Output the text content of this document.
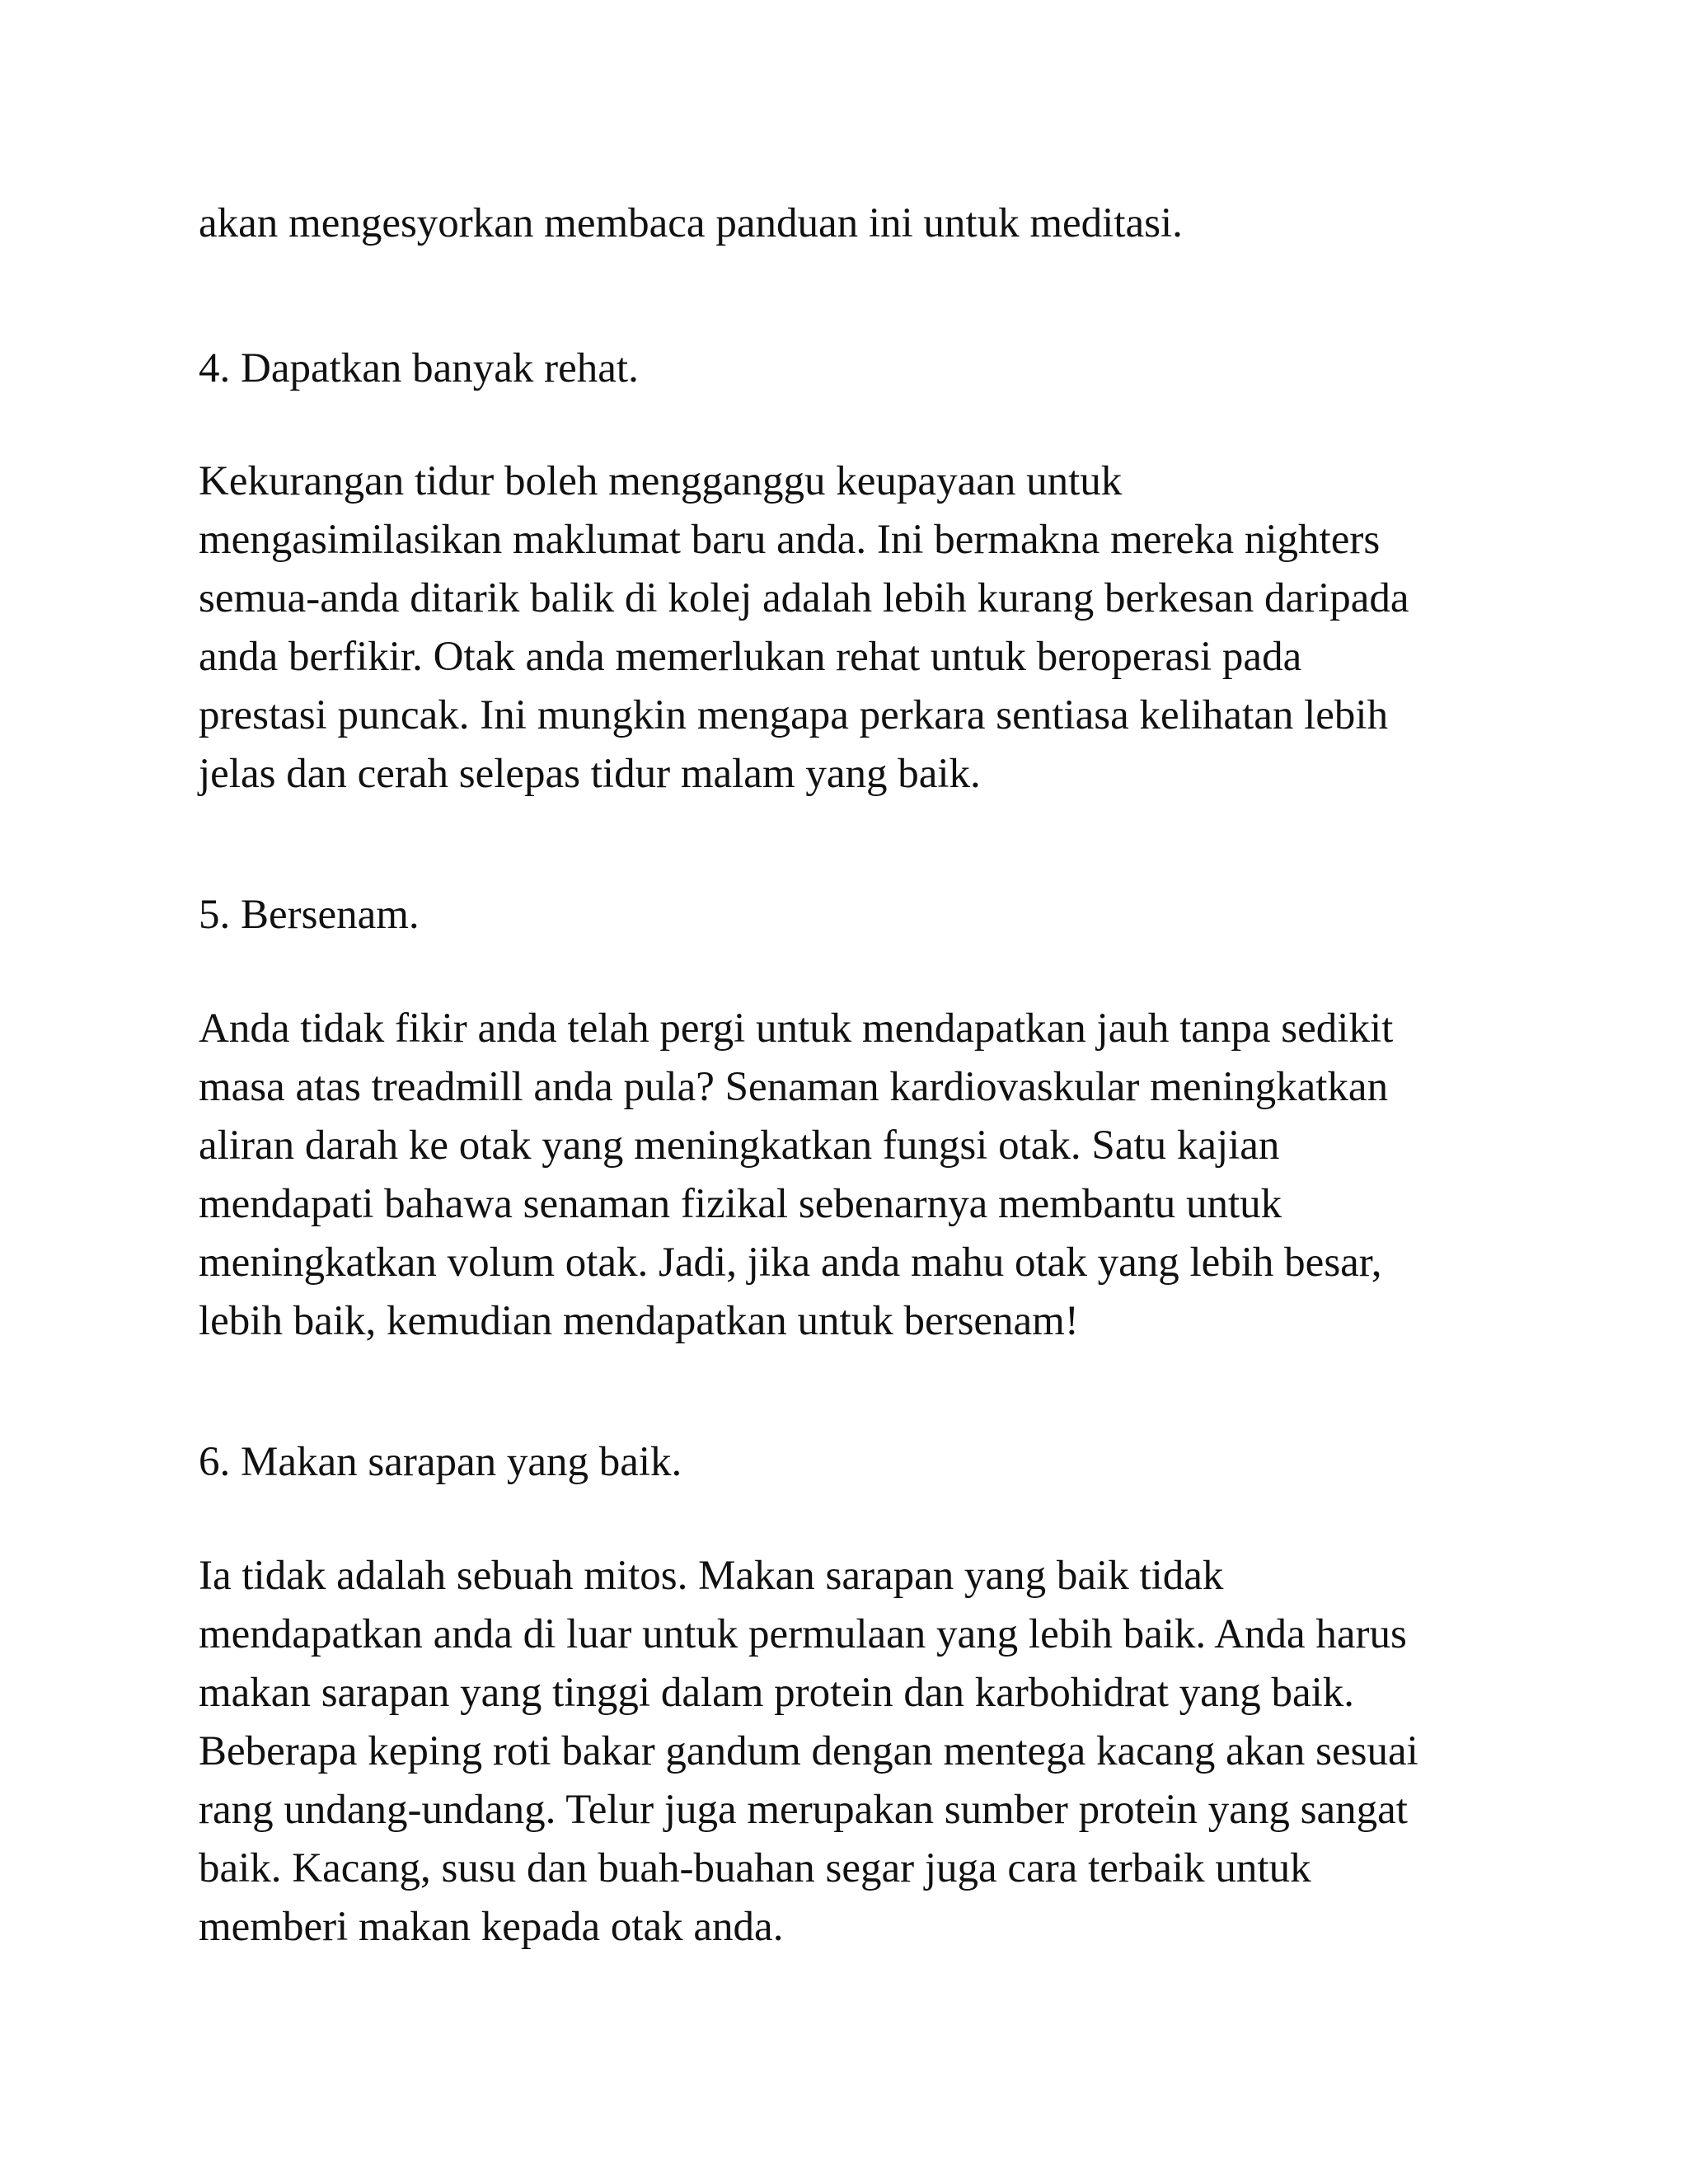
akan mengesyorkan membaca panduan ini untuk meditasi.

4. Dapatkan banyak rehat.

Kekurangan tidur boleh mengganggu keupayaan untuk

mengasimilasikan maklumat baru anda. Ini bermakna mereka nighters

semua-anda ditarik balik di kolej adalah lebih kurang berkesan daripada

anda berfikir. Otak anda memerlukan rehat untuk beroperasi pada

prestasi puncak. Ini mungkin mengapa perkara sentiasa kelihatan lebih

jelas dan cerah selepas tidur malam yang baik.

5. Bersenam.

Anda tidak fikir anda telah pergi untuk mendapatkan jauh tanpa sedikit

masa atas treadmill anda pula? Senaman kardiovaskular meningkatkan

aliran darah ke otak yang meningkatkan fungsi otak. Satu kajian

mendapati bahawa senaman fizikal sebenarnya membantu untuk

meningkatkan volum otak. Jadi, jika anda mahu otak yang lebih besar,

lebih baik, kemudian mendapatkan untuk bersenam!

6. Makan sarapan yang baik.

Ia tidak adalah sebuah mitos. Makan sarapan yang baik tidak

mendapatkan anda di luar untuk permulaan yang lebih baik. Anda harus

makan sarapan yang tinggi dalam protein dan karbohidrat yang baik.

Beberapa keping roti bakar gandum dengan mentega kacang akan sesuai

rang undang-undang. Telur juga merupakan sumber protein yang sangat

baik. Kacang, susu dan buah-buahan segar juga cara terbaik untuk

memberi makan kepada otak anda.
